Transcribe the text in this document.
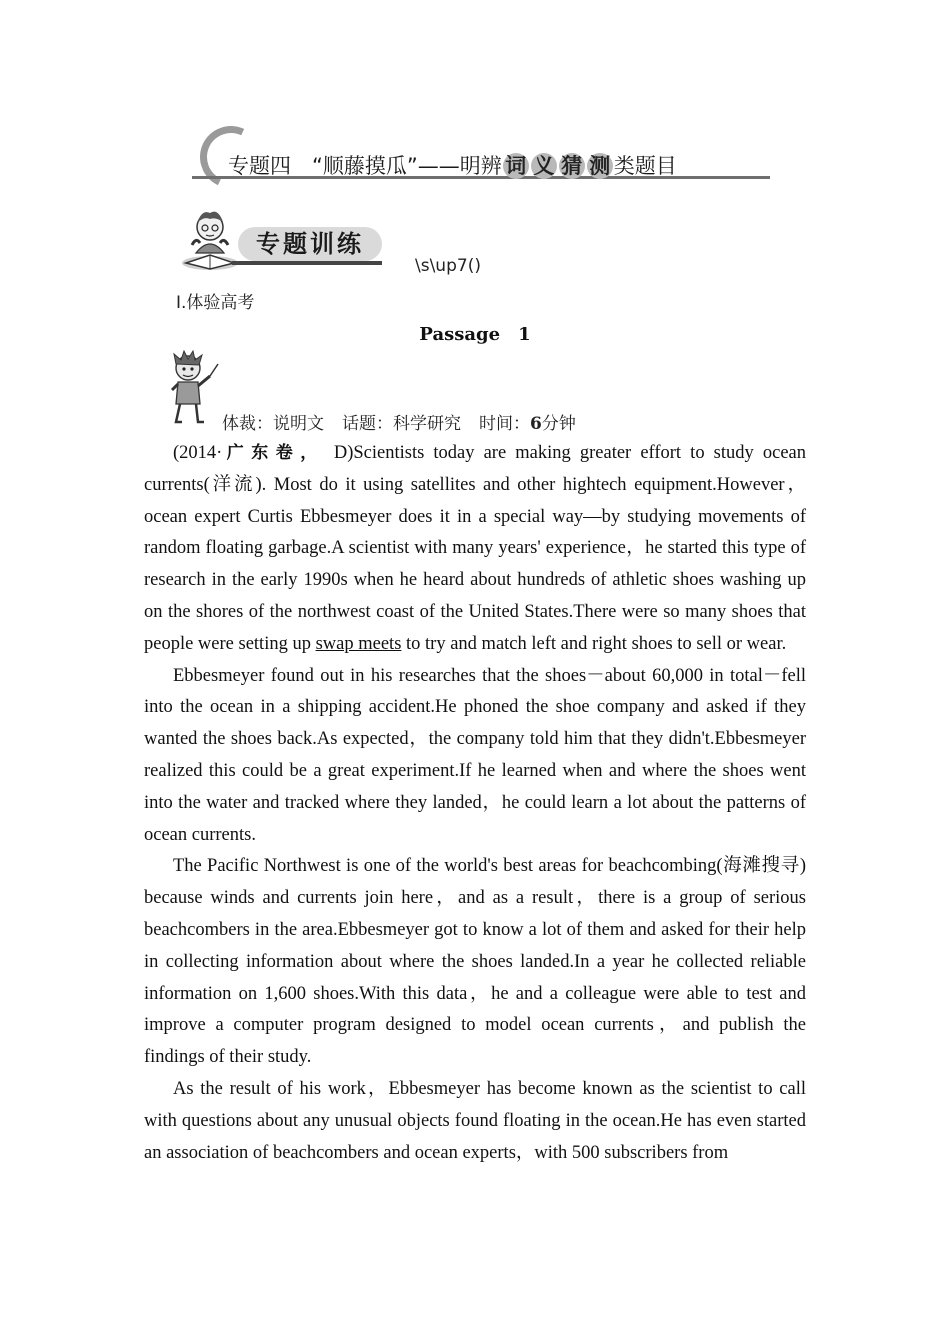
专题四　“顺藤摸瓜”——明辨 词 义 猜 测 类题目
专题训练
\s\up7()
Ⅰ.体验高考
Passage　1
体裁：说明文 话题：科学研究 时间：6分钟

(2014·广东卷， D)Scientists today are making greater effort to study ocean currents(洋流). Most do it using satellites and other hightech equipment.However，ocean expert Curtis Ebbesmeyer does it in a special way—by studying movements of random floating garbage.A scientist with many years' experience，he started this type of research in the early 1990s when he heard about hundreds of athletic shoes washing up on the shores of the northwest coast of the United States.There were so many shoes that people were setting up swap meets to try and match left and right shoes to sell or wear.

Ebbesmeyer found out in his researches that the shoes－about 60,000 in total－fell into the ocean in a shipping accident.He phoned the shoe company and asked if they wanted the shoes back.As expected，the company told him that they didn't.Ebbesmeyer realized this could be a great experiment.If he learned when and where the shoes went into the water and tracked where they landed，he could learn a lot about the patterns of ocean currents.

The Pacific Northwest is one of the world's best areas for beachcombing(海滩搜寻) because winds and currents join here，and as a result，there is a group of serious beachcombers in the area.Ebbesmeyer got to know a lot of them and asked for their help in collecting information about where the shoes landed.In a year he collected reliable information on 1,600 shoes.With this data，he and a colleague were able to test and improve a computer program designed to model ocean currents，and publish the findings of their study.

As the result of his work，Ebbesmeyer has become known as the scientist to call with questions about any unusual objects found floating in the ocean.He has even started an association of beachcombers and ocean experts，with 500 subscribers from
